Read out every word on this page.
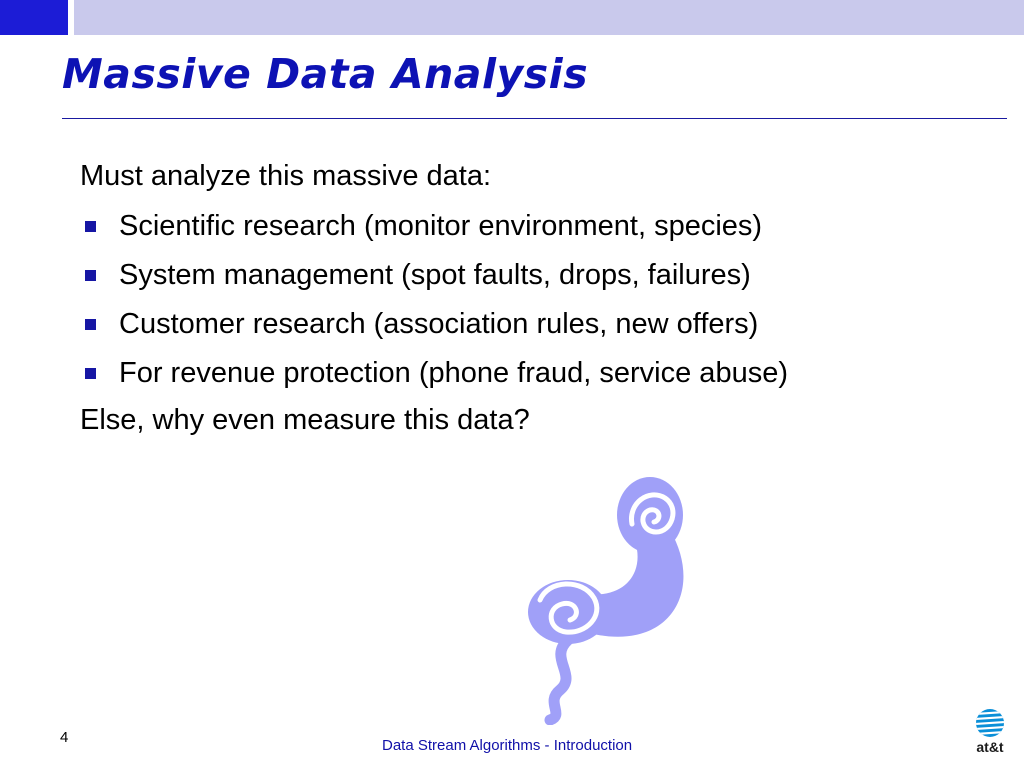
Massive Data Analysis

Must analyze this massive data:

Scientific research (monitor environment, species)
System management (spot faults, drops, failures)
Customer research (association rules, new offers)
For revenue protection (phone fraud, service abuse)

Else, why even measure this data?

4	Data Stream Algorithms - Introduction	at&t
